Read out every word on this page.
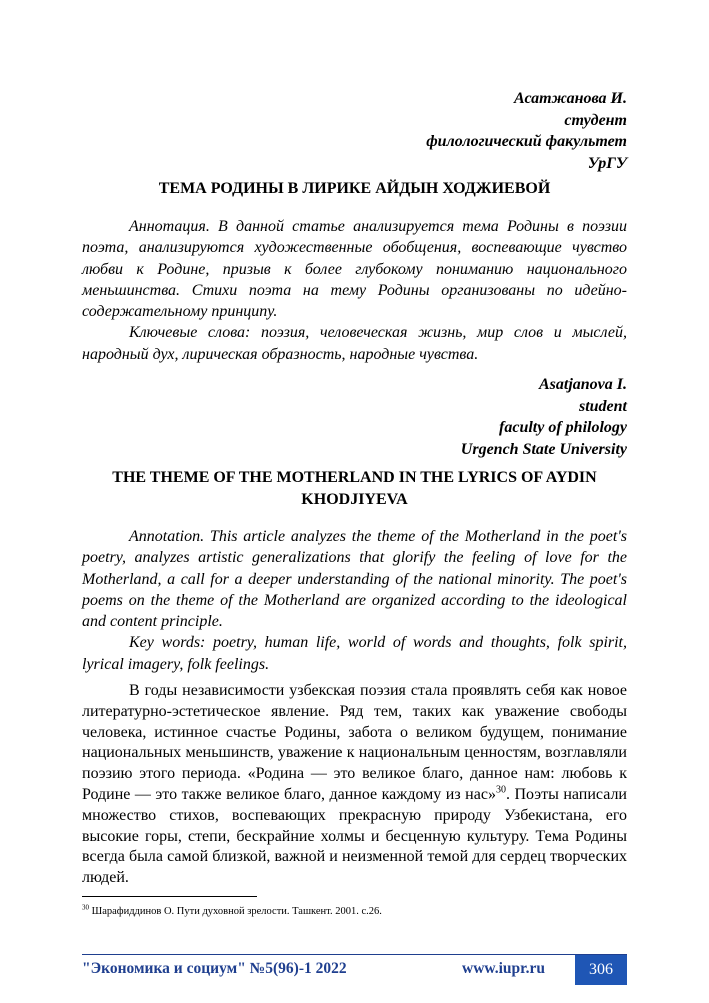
Асатжанова И.
студент
филологический факультет
УрГУ
ТЕМА РОДИНЫ В ЛИРИКЕ АЙДЫН ХОДЖИЕВОЙ

Аннотация. В данной статье анализируется тема Родины в поэзии поэта, анализируются художественные обобщения, воспевающие чувство любви к Родине, призыв к более глубокому пониманию национального меньшинства. Стихи поэта на тему Родины организованы по идейно-содержательному принципу.

Ключевые слова: поэзия, человеческая жизнь, мир слов и мыслей, народный дух, лирическая образность, народные чувства.

Asatjanova I.
student
faculty of philology
Urgench State University
THE THEME OF THE MOTHERLAND IN THE LYRICS OF AYDIN
KHODJIYEVA

Annotation. This article analyzes the theme of the Motherland in the poet's poetry, analyzes artistic generalizations that glorify the feeling of love for the Motherland, a call for a deeper understanding of the national minority. The poet's poems on the theme of the Motherland are organized according to the ideological and content principle.

Key words: poetry, human life, world of words and thoughts, folk spirit, lyrical imagery, folk feelings.

В годы независимости узбекская поэзия стала проявлять себя как новое литературно-эстетическое явление. Ряд тем, таких как уважение свободы человека, истинное счастье Родины, забота о великом будущем, понимание национальных меньшинств, уважение к национальным ценностям, возглавляли поэзию этого периода. «Родина — это великое благо, данное нам: любовь к Родине — это также великое благо, данное каждому из нас»$^{30}$. Поэты написали множество стихов, воспевающих прекрасную природу Узбекистана, его высокие горы, степи, бескрайние холмы и бесценную культуру. Тема Родины всегда была самой близкой, важной и неизменной темой для сердец творческих людей.

$^{30}$ Шарафиддинов О. Пути духовной зрелости. Ташкент. 2001. с.26.
"Экономика и социум" №5(96)-1 2022	www.iupr.ru	306
